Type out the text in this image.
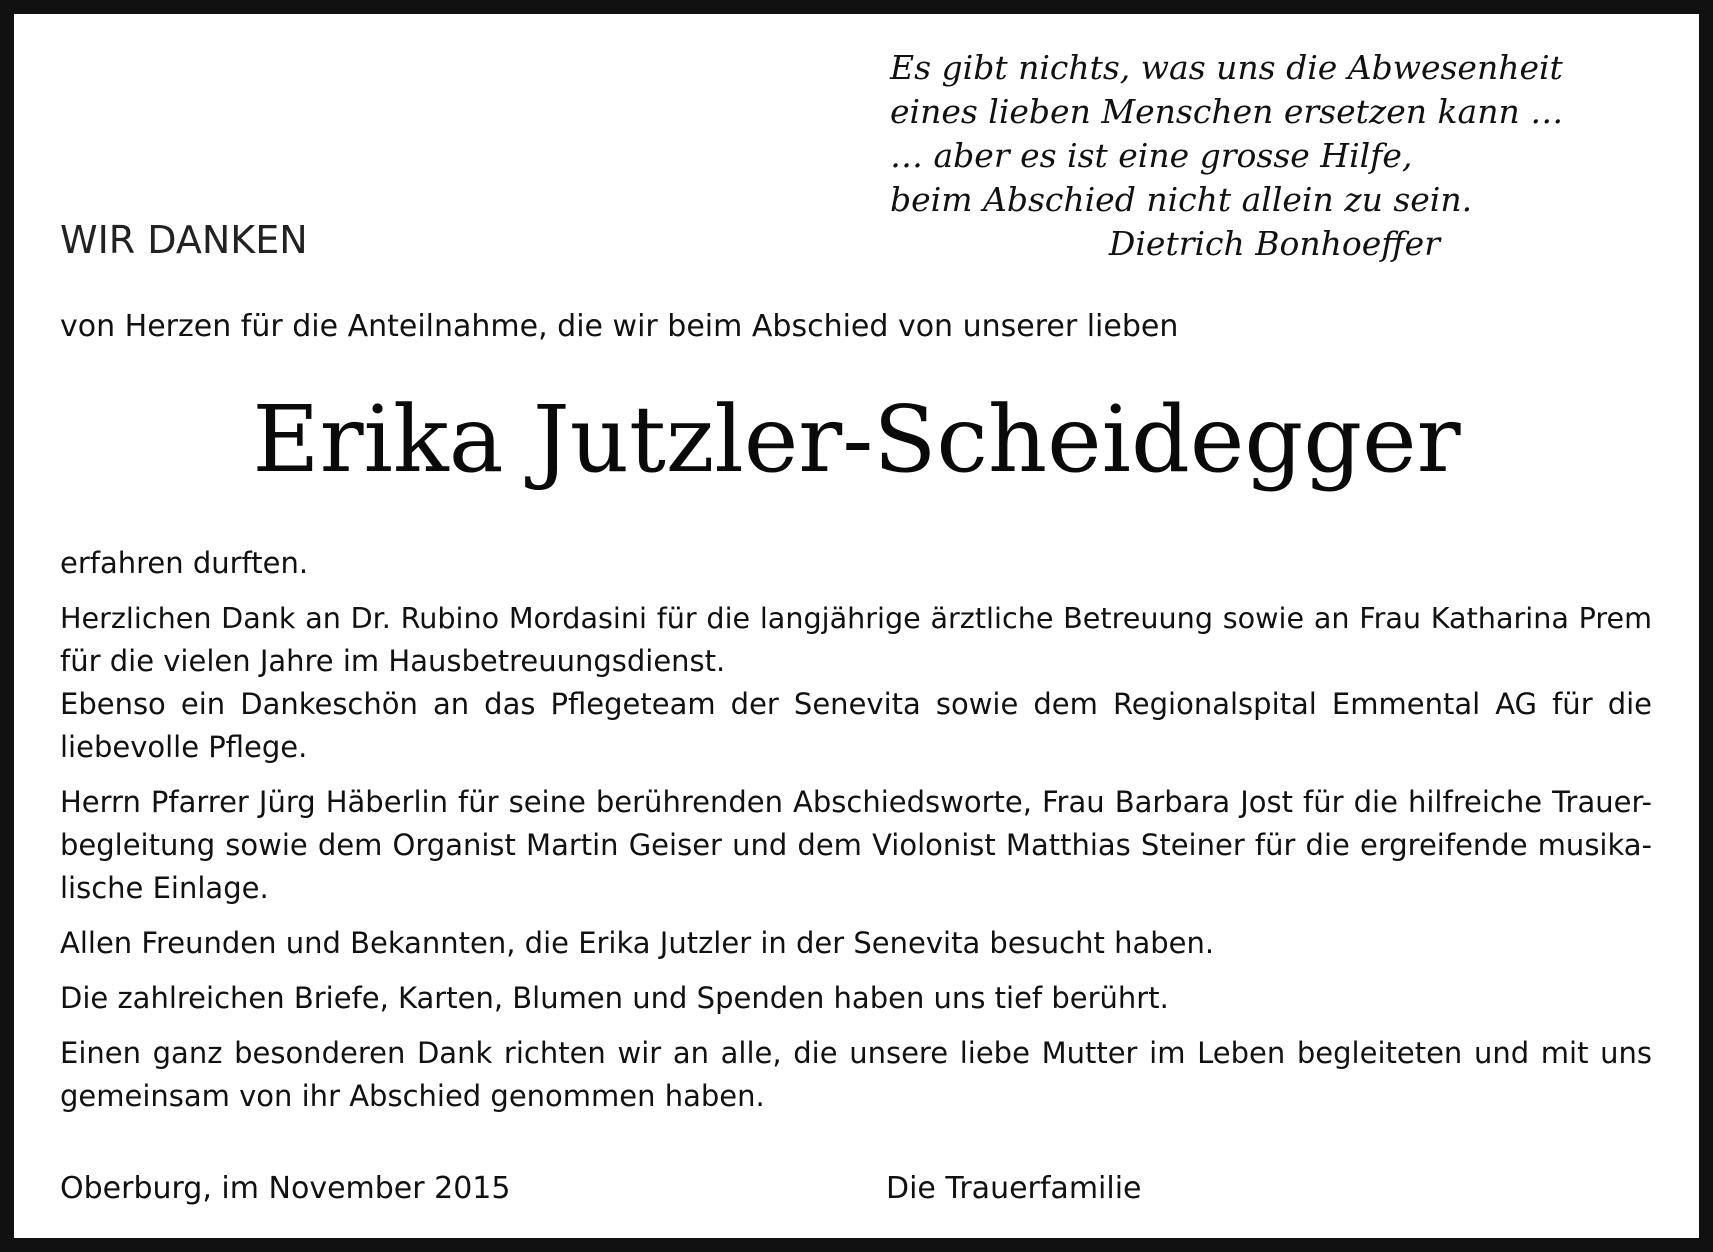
Es gibt nichts, was uns die Abwesenheit
eines lieben Menschen ersetzen kann …
… aber es ist eine grosse Hilfe,
beim Abschied nicht allein zu sein.
Dietrich Bonhoeffer
WIR DANKEN
von Herzen für die Anteilnahme, die wir beim Abschied von unserer lieben
Erika Jutzler-Scheidegger

erfahren durften.

Herzlichen Dank an Dr. Rubino Mordasini für die langjährige ärztliche Betreuung sowie an Frau Katharina Prem
für die vielen Jahre im Hausbetreuungsdienst.
Ebenso ein Dankeschön an das Pflegeteam der Senevita sowie dem Regionalspital Emmental AG für die
liebevolle Pflege.

Herrn Pfarrer Jürg Häberlin für seine berührenden Abschiedsworte, Frau Barbara Jost für die hilfreiche Trauer-
begleitung sowie dem Organist Martin Geiser und dem Violonist Matthias Steiner für die ergreifende musika-
lische Einlage.

Allen Freunden und Bekannten, die Erika Jutzler in der Senevita besucht haben.

Die zahlreichen Briefe, Karten, Blumen und Spenden haben uns tief berührt.

Einen ganz besonderen Dank richten wir an alle, die unsere liebe Mutter im Leben begleiteten und mit uns
gemeinsam von ihr Abschied genommen haben.

Oberburg, im November 2015	Die Trauerfamilie
